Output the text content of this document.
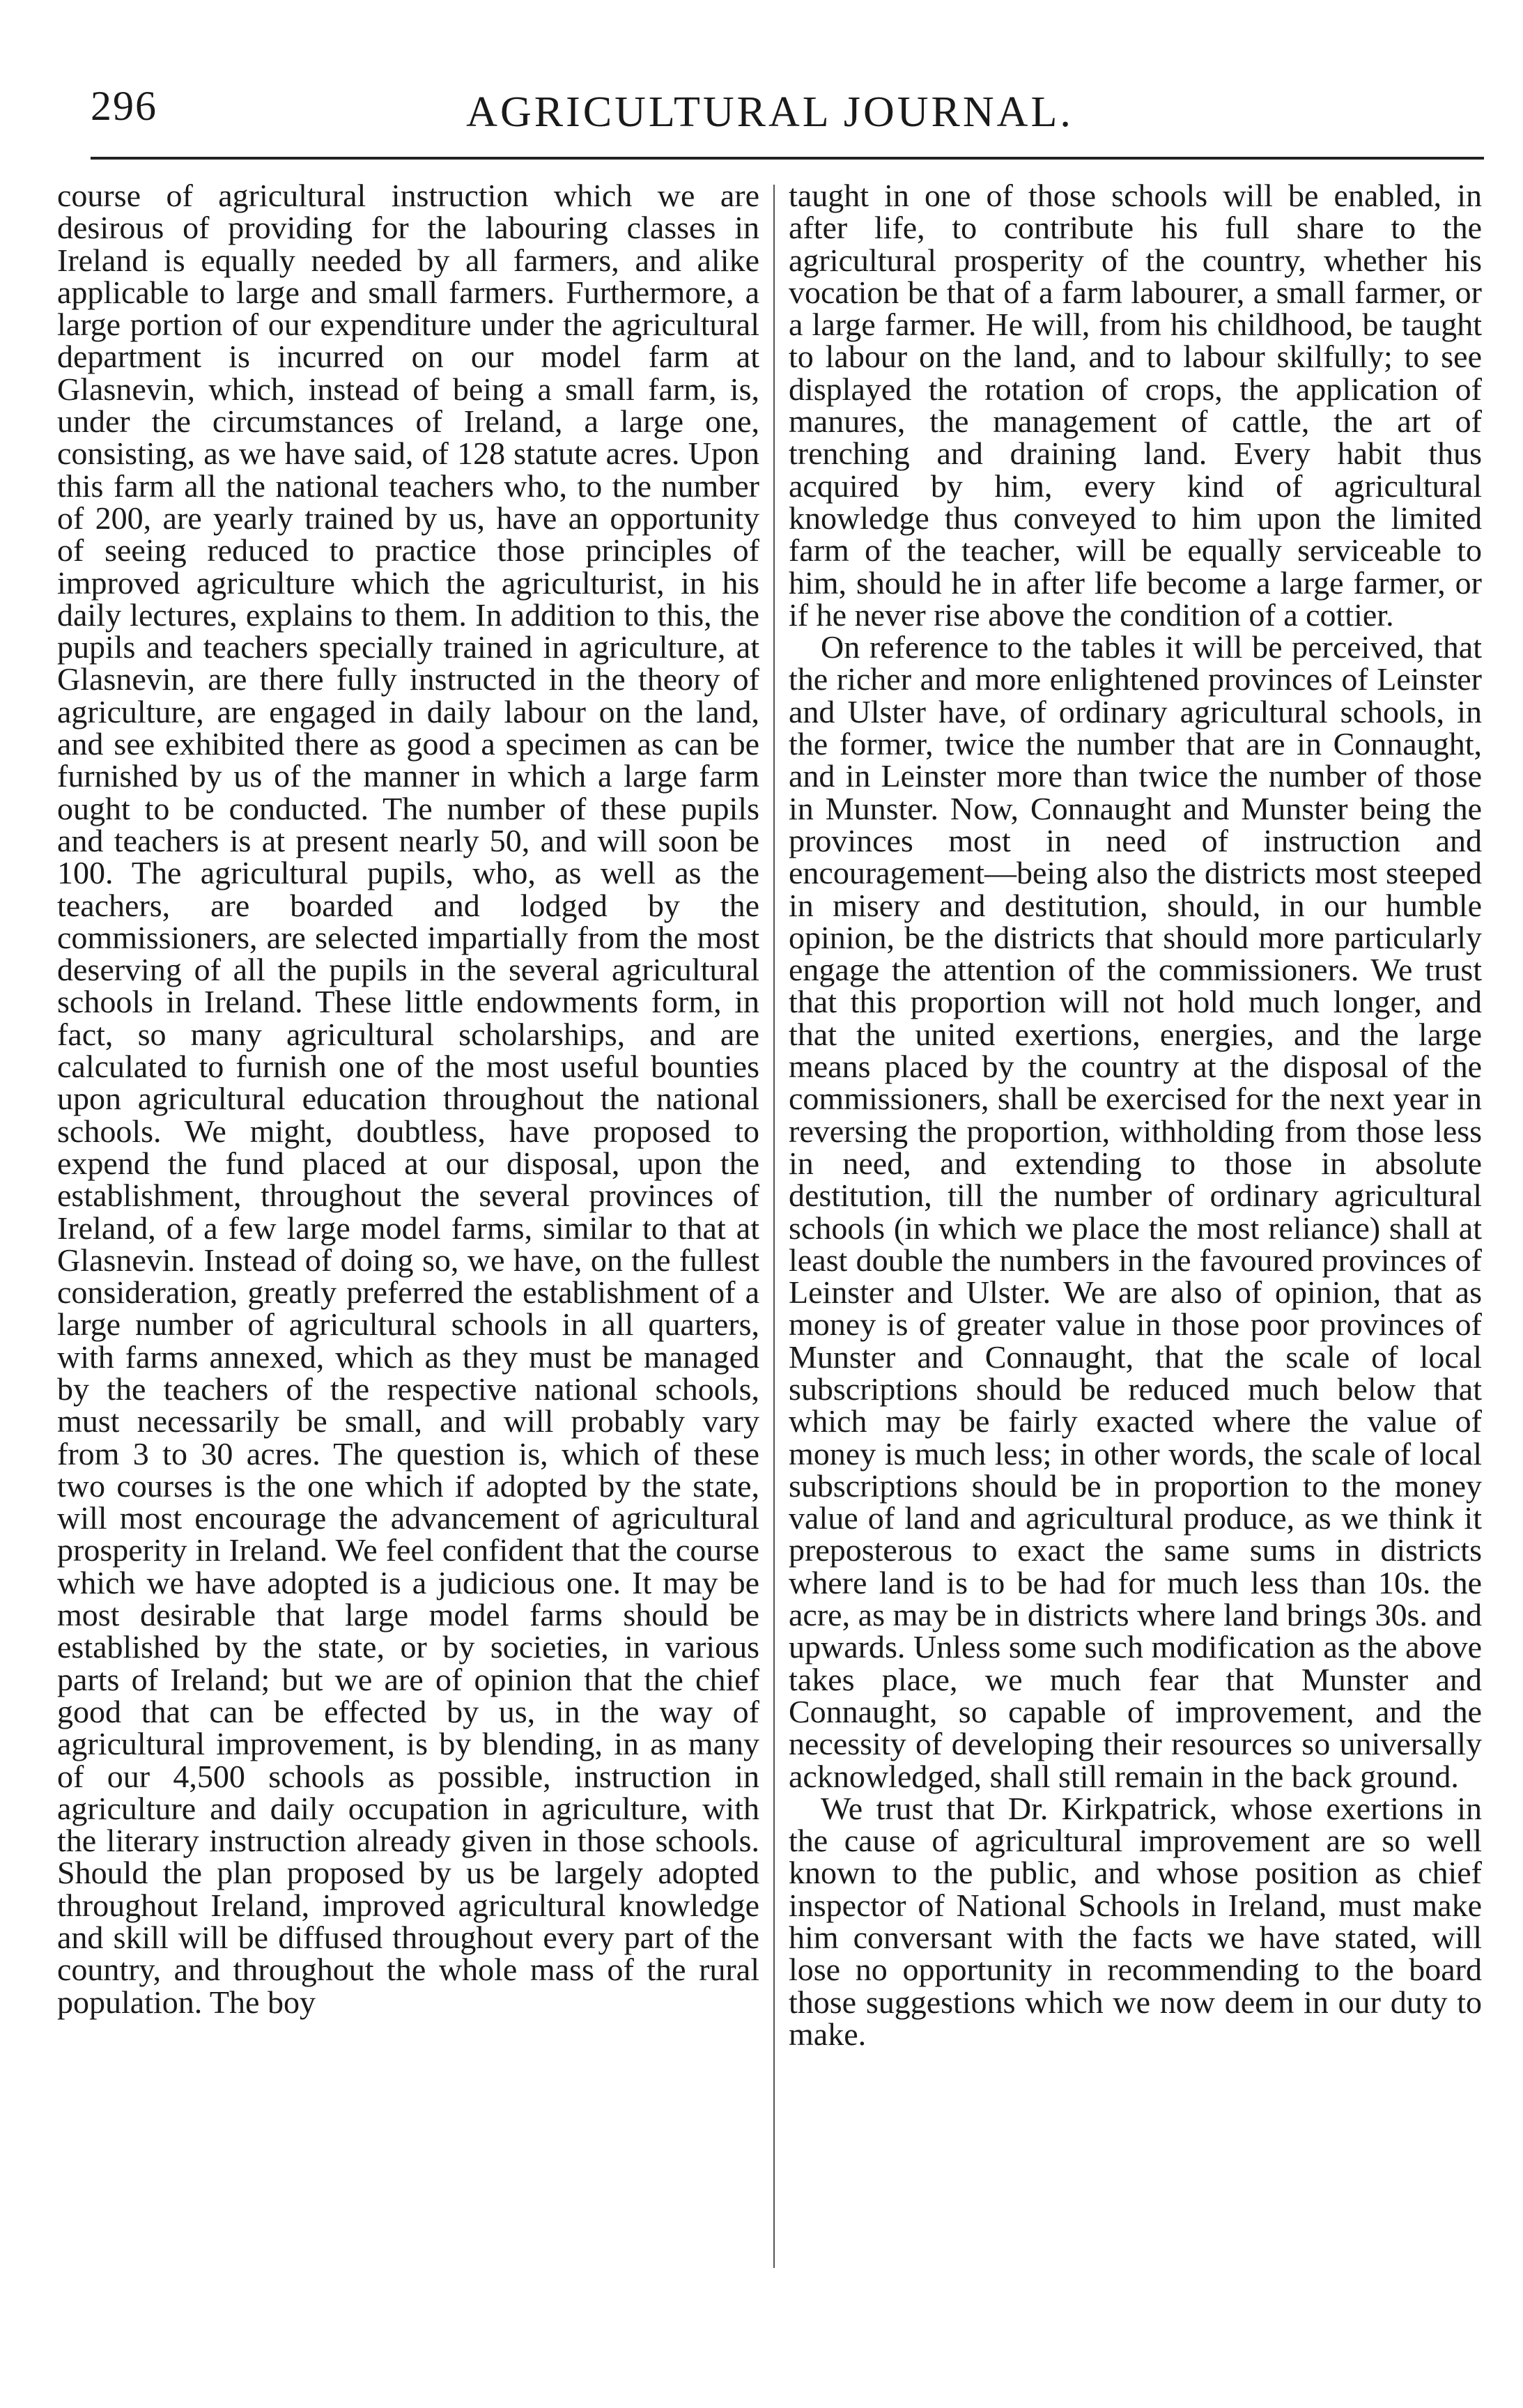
296	AGRICULTURAL JOURNAL.

course of agricultural instruction which we are desirous of providing for the labouring classes in Ireland is equally needed by all farmers, and alike applicable to large and small farmers. Furthermore, a large portion of our expenditure under the agricultural department is incurred on our model farm at Glasnevin, which, instead of being a small farm, is, under the circumstances of Ireland, a large one, consisting, as we have said, of 128 statute acres. Upon this farm all the national teachers who, to the number of 200, are yearly trained by us, have an opportunity of seeing reduced to practice those principles of improved agriculture which the agriculturist, in his daily lectures, explains to them. In addition to this, the pupils and teachers specially trained in agriculture, at Glasnevin, are there fully instructed in the theory of agriculture, are engaged in daily labour on the land, and see exhibited there as good a specimen as can be furnished by us of the manner in which a large farm ought to be conducted. The number of these pupils and teachers is at present nearly 50, and will soon be 100. The agricultural pupils, who, as well as the teachers, are boarded and lodged by the commissioners, are selected impartially from the most deserving of all the pupils in the several agricultural schools in Ireland. These little endowments form, in fact, so many agricultural scholarships, and are calculated to furnish one of the most useful bounties upon agricultural education throughout the national schools. We might, doubtless, have proposed to expend the fund placed at our disposal, upon the establishment, throughout the several provinces of Ireland, of a few large model farms, similar to that at Glasnevin. Instead of doing so, we have, on the fullest consideration, greatly preferred the establishment of a large number of agricultural schools in all quarters, with farms annexed, which as they must be managed by the teachers of the respective national schools, must necessarily be small, and will probably vary from 3 to 30 acres. The question is, which of these two courses is the one which if adopted by the state, will most encourage the advancement of agricultural prosperity in Ireland. We feel confident that the course which we have adopted is a judicious one. It may be most desirable that large model farms should be established by the state, or by societies, in various parts of Ireland; but we are of opinion that the chief good that can be effected by us, in the way of agricultural improvement, is by blending, in as many of our 4,500 schools as possible, instruction in agriculture and daily occupation in agriculture, with the literary instruction already given in those schools. Should the plan proposed by us be largely adopted throughout Ireland, improved agricultural knowledge and skill will be diffused throughout every part of the country, and throughout the whole mass of the rural population. The boy

taught in one of those schools will be enabled, in after life, to contribute his full share to the agricultural prosperity of the country, whether his vocation be that of a farm labourer, a small farmer, or a large farmer. He will, from his childhood, be taught to labour on the land, and to labour skilfully; to see displayed the rotation of crops, the application of manures, the management of cattle, the art of trenching and draining land. Every habit thus acquired by him, every kind of agricultural knowledge thus conveyed to him upon the limited farm of the teacher, will be equally serviceable to him, should he in after life become a large farmer, or if he never rise above the condition of a cottier.

On reference to the tables it will be perceived, that the richer and more enlightened provinces of Leinster and Ulster have, of ordinary agricultural schools, in the former, twice the number that are in Connaught, and in Leinster more than twice the number of those in Munster. Now, Connaught and Munster being the provinces most in need of instruction and encouragement—being also the districts most steeped in misery and destitution, should, in our humble opinion, be the districts that should more particularly engage the attention of the commissioners. We trust that this proportion will not hold much longer, and that the united exertions, energies, and the large means placed by the country at the disposal of the commissioners, shall be exercised for the next year in reversing the proportion, withholding from those less in need, and extending to those in absolute destitution, till the number of ordinary agricultural schools (in which we place the most reliance) shall at least double the numbers in the favoured provinces of Leinster and Ulster. We are also of opinion, that as money is of greater value in those poor provinces of Munster and Connaught, that the scale of local subscriptions should be reduced much below that which may be fairly exacted where the value of money is much less; in other words, the scale of local subscriptions should be in proportion to the money value of land and agricultural produce, as we think it preposterous to exact the same sums in districts where land is to be had for much less than 10s. the acre, as may be in districts where land brings 30s. and upwards. Unless some such modification as the above takes place, we much fear that Munster and Connaught, so capable of improvement, and the necessity of developing their resources so universally acknowledged, shall still remain in the back ground.

We trust that Dr. Kirkpatrick, whose exertions in the cause of agricultural improvement are so well known to the public, and whose position as chief inspector of National Schools in Ireland, must make him conversant with the facts we have stated, will lose no opportunity in recommending to the board those suggestions which we now deem in our duty to make.
